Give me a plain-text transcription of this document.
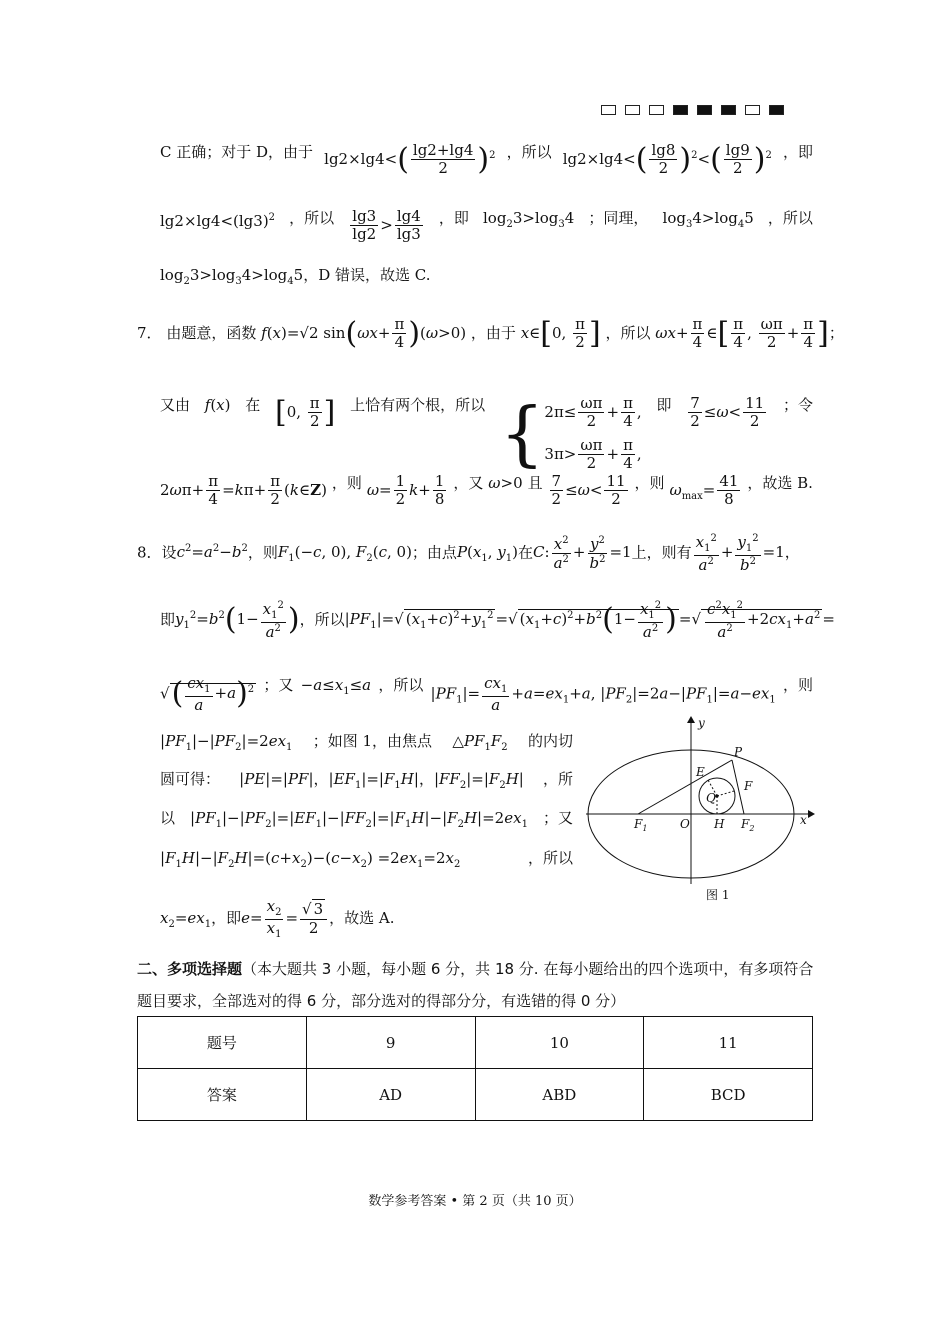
C 正确；对于 D，由于 $\lg 2\times\lg 4<( \frac{\lg 2+\lg 4}{2} )^2$ ，所以 $\lg 2\times\lg 4<( \frac{\lg 8}{2} )^2<( \frac{\lg 9}{2} )^2$ ，即
$\lg 2\times\lg 4<(\lg 3)^2$ ，所以 $\frac{\lg 3}{\lg 2} > \frac{\lg 4}{\lg 3}$ ，即 $\log_23>\log_34$ ；同理， $\log_34>\log_45$ ，所以
$\log_23>\log_34>\log_45$，D 错误，故选 C.
7． 由题意，函数 f(x)=√2 $\sin(\omega x+ \frac{\pi}{4} )(\omega>0)$ ，由于 x∈[0, $\frac{\pi}{2}$ ] ，所以 $\omega x+ \frac{\pi}{4}$ ∈[ $\frac{\pi}{4}$ , $\frac{\omega\pi}{2} + \frac{\pi}{4}$ ]；
又由 f(x) 在 [0, $\frac{\pi}{2}$ ] 上恰有两个根，所以 { $2\pi\le \frac{\omega\pi}{2} + \frac{\pi}{4}$ ,
$3\pi> \frac{\omega\pi}{2} + \frac{\pi}{4}$ ,
即 $\frac{7}{2} \le\omega< \frac{11}{2}$ ；令
$2\omega\pi+ \frac{\pi}{4} =k\pi+ \frac{\pi}{2}$ (k∈Z) ，则 $\omega= \frac{1}{2} k+ \frac{1}{8}$ ，又 ω>0 且 $\frac{7}{2} \le\omega< \frac{11}{2}$ ，则 $\omega_{max}= \frac{41}{8}$ ，故选 B.
8．设$c^2=a^2-b^2$，则$F_1(-c$, 0), $F_2(c$, 0)；由点$P(x_1$, $y_1$)在C: $\frac{x^2}{a^2} + \frac{y^2}{b^2} =1$上，则有 $\frac{x_1^2}{a^2} + \frac{y_1^2}{b^2} =1$，
即$y_1^2=b^2(1- \frac{x_1^2}{a^2}$ )，所以$|PF_1|=√$ $(x_1+c)^2+y_1^2$ =√ $(x_1+c)^2+b^2(1- \frac{x_1^2}{a^2}$ ) =√ $\frac{c^2x_1^2}{a^2} +2cx_1+a^2$ =
√( $\frac{cx_1}{a} +a)^2$ ；又 $-a\le x_1\le a$ ，所以 $|PF_1|= \frac{cx_1}{a} +a=ex_1+a$, $|PF_2|=2a-|PF_1|=a-ex_1$
，则
$|PF_1|-|PF_2|=2ex_1$ ；如图 1，由焦点 $\triangle PF_1F_2$ 的内切
圆可得： |PE|=|PF|，$|EF_1|=|F_1H|$，$|FF_2|=|F_2H|$ ，所
以 $|PF_1|-|PF_2|=|EF_1|-|FF_2|=|F_1H|-|F_2H|=2ex_1$ ；又
$|F_1H|-|F_2H|=(c+x_2)-(c-x_2) =2ex_1=2x_2$	，所以
$x_2=ex_1$，即$e= \frac{x_2}{x_1} = \frac{√ 3}{2}$ ，故选 A.
y
x
P
E
F
Q
O H
$F_1$	$F_2$
图 1
二、多项选择题（本大题共 3 小题，每小题 6 分，共 18 分. 在每小题给出的四个选项中，有多项符合题目要求，全部选对的得 6 分，部分选对的得部分分，有选错的得 0 分）
题号	9	10	11
答案	AD	ABD	BCD
数学参考答案 • 第 2 页（共 10 页）
